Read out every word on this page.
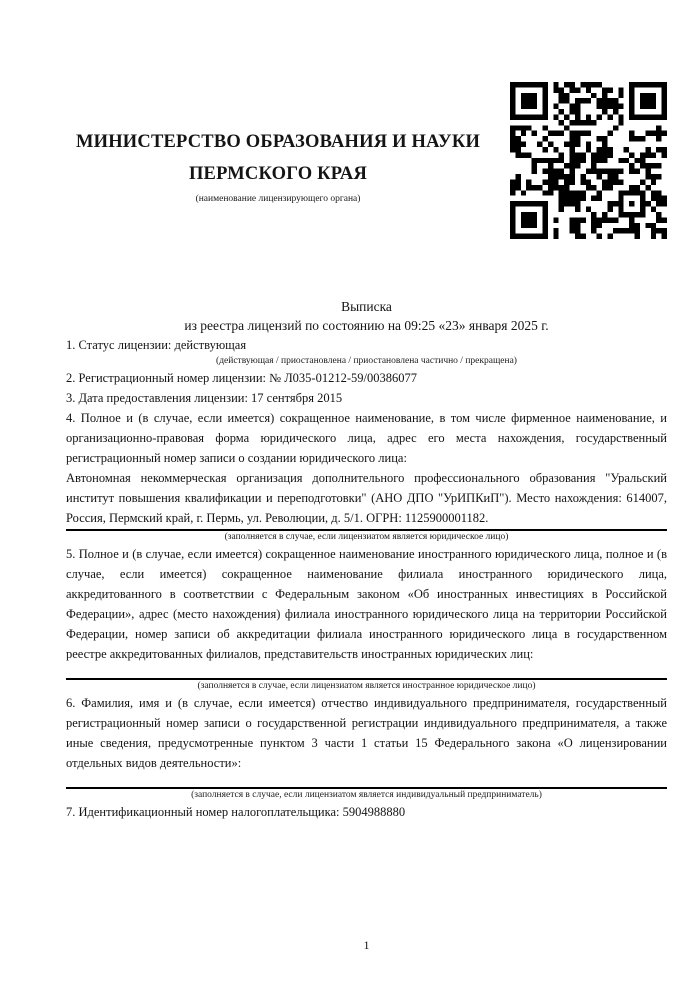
МИНИСТЕРСТВО ОБРАЗОВАНИЯ И НАУКИ
ПЕРМСКОГО КРАЯ
(наименование лицензирующего органа)
Выписка
из реестра лицензий по состоянию на 09:25 «23» января 2025 г.

1. Статус лицензии: действующая

(действующая / приостановлена / приостановлена частично / прекращена)

2. Регистрационный номер лицензии: № Л035-01212-59/00386077

3. Дата предоставления лицензии: 17 сентября 2015

4. Полное и (в случае, если имеется) сокращенное наименование, в том числе фирменное наименование, и организационно-правовая форма юридического лица, адрес его места нахождения, государственный регистрационный номер записи о создании юридического лица:

Автономная некоммерческая организация дополнительного профессионального образования "Уральский институт повышения квалификации и переподготовки" (АНО ДПО "УрИПКиП"). Место нахождения: 614007, Россия, Пермский край, г. Пермь, ул. Революции, д. 5/1. ОГРН: 1125900001182.

(заполняется в случае, если лицензиатом является юридическое лицо)

5. Полное и (в случае, если имеется) сокращенное наименование иностранного юридического лица, полное и (в случае, если имеется) сокращенное наименование филиала иностранного юридического лица, аккредитованного в соответствии с Федеральным законом «Об иностранных инвестициях в Российской Федерации», адрес (место нахождения) филиала иностранного юридического лица на территории Российской Федерации, номер записи об аккредитации филиала иностранного юридического лица в государственном реестре аккредитованных филиалов, представительств иностранных юридических лиц:

(заполняется в случае, если лицензиатом является иностранное юридическое лицо)

6. Фамилия, имя и (в случае, если имеется) отчество индивидуального предпринимателя, государственный регистрационный номер записи о государственной регистрации индивидуального предпринимателя, а также иные сведения, предусмотренные пунктом 3 части 1 статьи 15 Федерального закона «О лицензировании отдельных видов деятельности»:

(заполняется в случае, если лицензиатом является индивидуальный предприниматель)

7. Идентификационный номер налогоплательщика: 5904988880

1
